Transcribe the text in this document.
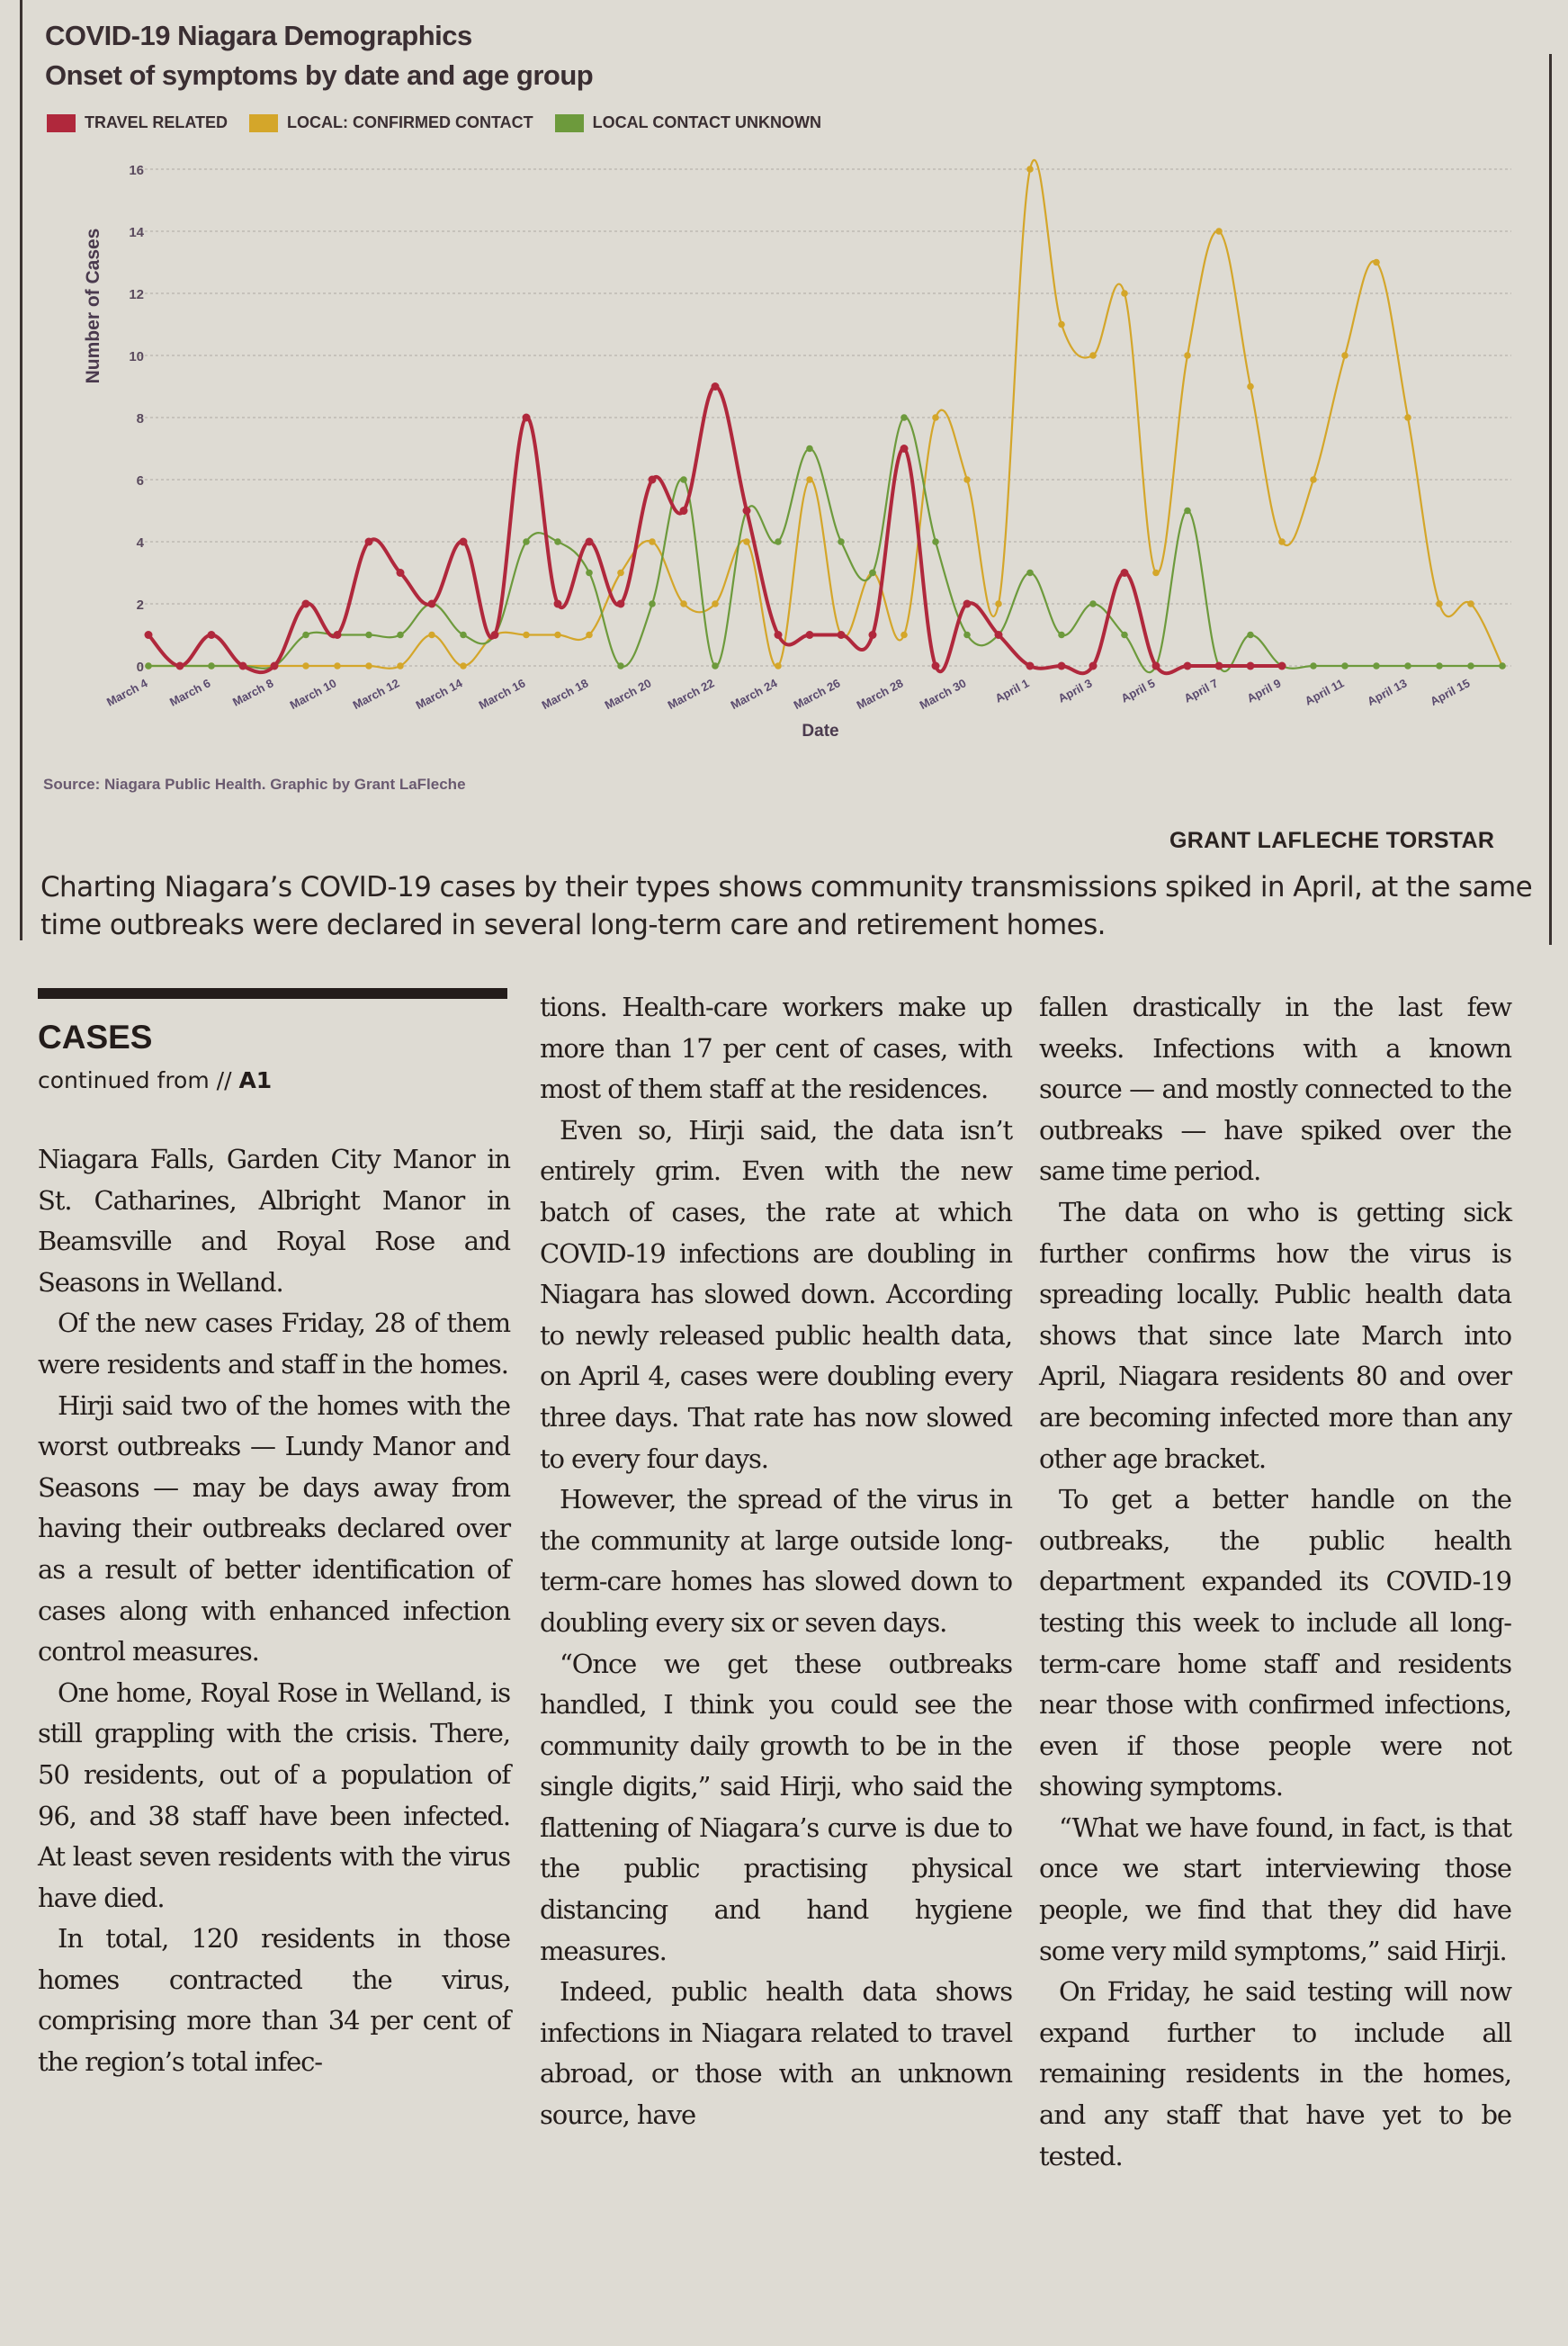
COVID-19 Niagara Demographics
Onset of symptoms by date and age group
TRAVEL RELATED	LOCAL: CONFIRMED CONTACT	LOCAL CONTACT UNKNOWN
0
2
4
6
8
10
12
14
16
March 4 March 6 March 8 March 10 March 12 March 14 March 16 March 18 March 20 March 22 March 24 March 26 March 28 March 30 April 1 April 3 April 5 April 7 April 9 April 11 April 13 April 15
Number of Cases
Date
Source: Niagara Public Health. Graphic by Grant LaFleche
GRANT LAFLECHE TORSTAR
Charting Niagara’s COVID-19 cases by their types shows community transmissions spiked in April, at the same time outbreaks were declared in several long-term care and retirement homes.
CASES
continued from // A1

Niagara Falls, Garden City Manor in St. Catharines, Albright Manor in Beamsville and Royal Rose and Seasons in Welland.

Of the new cases Friday, 28 of them were residents and staff in the homes.

Hirji said two of the homes with the worst outbreaks — Lundy Manor and Seasons — may be days away from having their outbreaks declared over as a result of better identification of cases along with enhanced infection control measures.

One home, Royal Rose in Welland, is still grappling with the crisis. There, 50 residents, out of a population of 96, and 38 staff have been infected. At least seven residents with the virus have died.

In total, 120 residents in those homes contracted the virus, comprising more than 34 per cent of the region’s total infec-

tions. Health-care workers make up more than 17 per cent of cases, with most of them staff at the residences.

Even so, Hirji said, the data isn’t entirely grim. Even with the new batch of cases, the rate at which COVID-19 infections are doubling in Niagara has slowed down. According to newly released public health data, on April 4, cases were doubling every three days. That rate has now slowed to every four days.

However, the spread of the virus in the community at large outside long-term-care homes has slowed down to doubling every six or seven days.

“Once we get these outbreaks handled, I think you could see the community daily growth to be in the single digits,” said Hirji, who said the flattening of Niagara’s curve is due to the public practising physical distancing and hand hygiene measures.

Indeed, public health data shows infections in Niagara related to travel abroad, or those with an unknown source, have

fallen drastically in the last few weeks. Infections with a known source — and mostly connected to the outbreaks — have spiked over the same time period.

The data on who is getting sick further confirms how the virus is spreading locally. Public health data shows that since late March into April, Niagara residents 80 and over are becoming infected more than any other age bracket.

To get a better handle on the outbreaks, the public health department expanded its COVID-19 testing this week to include all long-term-care home staff and residents near those with confirmed infections, even if those people were not showing symptoms.

“What we have found, in fact, is that once we start interviewing those people, we find that they did have some very mild symptoms,” said Hirji.

On Friday, he said testing will now expand further to include all remaining residents in the homes, and any staff that have yet to be tested.
